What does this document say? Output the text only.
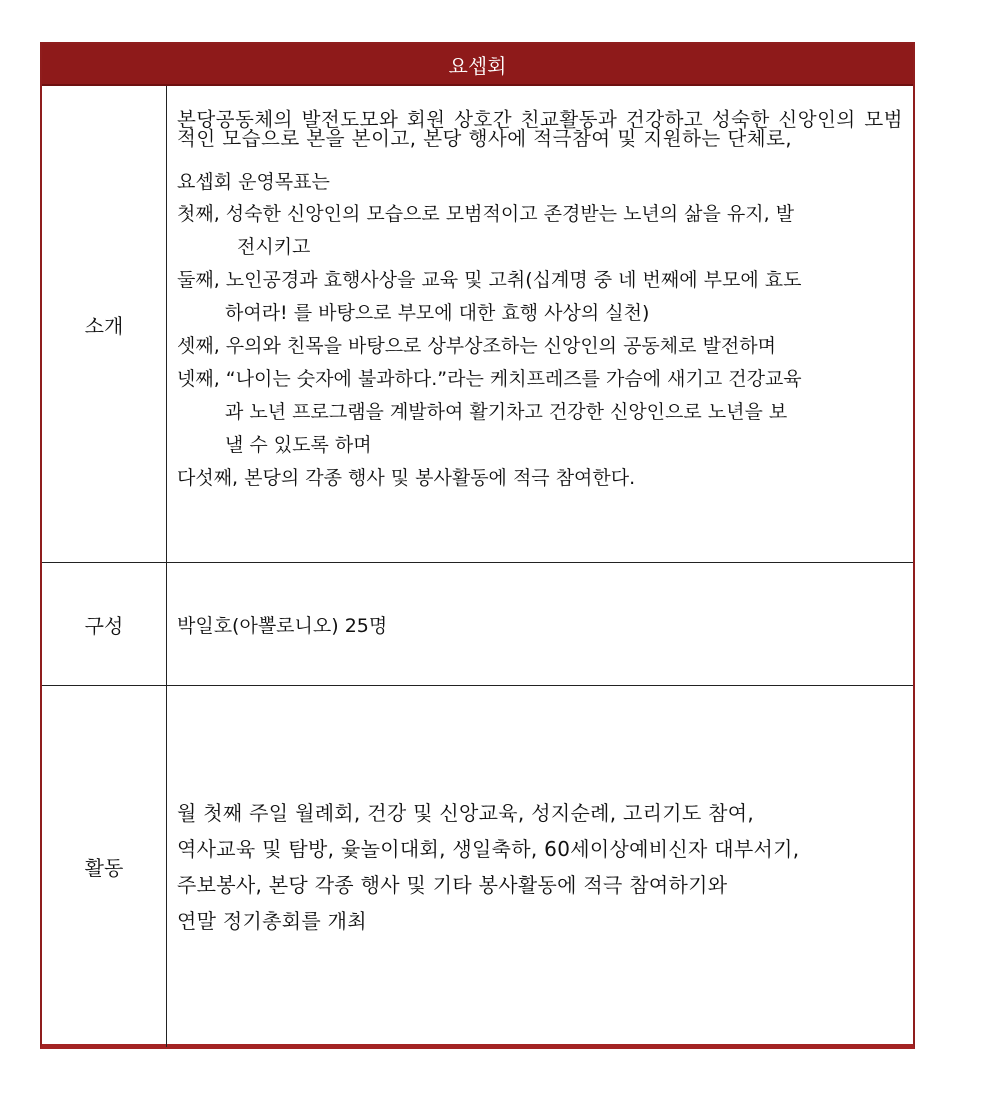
요셉회
소개
본당공동체의 발전도모와 회원 상호간 친교활동과 건강하고 성숙한 신앙인의 모범적인 모습으로 본을 본이고, 본당 행사에 적극참여 및 지원하는 단체로,
요셉회 운영목표는
첫째, 성숙한 신앙인의 모습으로 모범적이고 존경받는 노년의 삶을 유지, 발
전시키고
둘째, 노인공경과 효행사상을 교육 및 고취(십계명 중 네 번째에 부모에 효도
하여라! 를 바탕으로 부모에 대한 효행 사상의 실천)
셋째, 우의와 친목을 바탕으로 상부상조하는 신앙인의 공동체로 발전하며
넷째, “나이는 숫자에 불과하다.”라는 케치프레즈를 가슴에 새기고 건강교육
과 노년 프로그램을 계발하여 활기차고 건강한 신앙인으로 노년을 보
낼 수 있도록 하며
다섯째, 본당의 각종 행사 및 봉사활동에 적극 참여한다.
구성	박일호(아뽈로니오) 25명
활동
월 첫째 주일 월례회, 건강 및 신앙교육, 성지순례, 고리기도 참여,
역사교육 및 탐방, 윷놀이대회, 생일축하, 60세이상예비신자 대부서기,
주보봉사, 본당 각종 행사 및 기타 봉사활동에 적극 참여하기와
연말 정기총회를 개최
